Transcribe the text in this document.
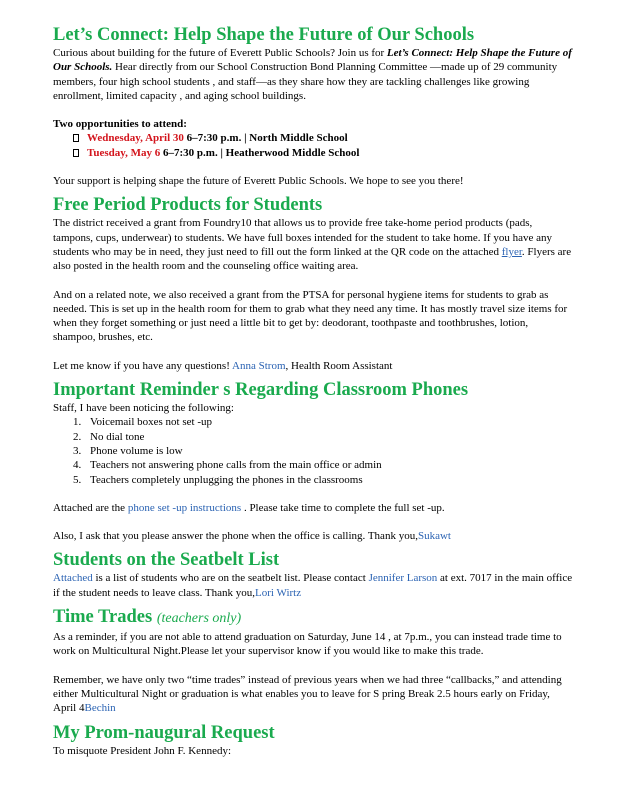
Let’s Connect: Help Shape the Future of Our Schools

Curious about building for the future of Everett Public Schools? Join us for Let’s Connect: Help Shape the Future of Our Schools. Hear directly from our School Construction Bond Planning Committee —made up of 29 community members, four high school students , and staff—as they share how they are tackling challenges like growing enrollment, limited capacity , and aging school buildings.

Two opportunities to attend:

Wednesday, April 30 6–7:30 p.m. | North Middle School
Tuesday, May 6 6–7:30 p.m. | Heatherwood Middle School

Your support is helping shape the future of Everett Public Schools. We hope to see you there!

Free Period Products for Students

The district received a grant from Foundry10 that allows us to provide free take-home period products (pads, tampons, cups, underwear) to students. We have full boxes intended for the student to take home. If you have any students who may be in need, they just need to fill out the form linked at the QR code on the attached flyer. Flyers are also posted in the health room and the counseling office waiting area.

And on a related note, we also received a grant from the PTSA for personal hygiene items for students to grab as needed. This is set up in the health room for them to grab what they need any time. It has mostly travel size items for when they forget something or just need a little bit to get by: deodorant, toothpaste and toothbrushes, lotion, shampoo, brushes, etc.

Let me know if you have any questions! Anna Strom, Health Room Assistant

Important Reminder s Regarding Classroom Phones

Staff, I have been noticing the following:

1. Voicemail boxes not set -up
2. No dial tone
3. Phone volume is low
4. Teachers not answering phone calls from the main office or admin
5. Teachers completely unplugging the phones in the classrooms

Attached are the phone set -up instructions . Please take time to complete the full set -up.

Also, I ask that you please answer the phone when the office is calling. Thank you,Sukawt

Students on the Seatbelt List

Attached is a list of students who are on the seatbelt list. Please contact Jennifer Larson at ext. 7017 in the main office if the student needs to leave class. Thank you,Lori Wirtz

Time Trades (teachers only)

As a reminder, if you are not able to attend graduation on Saturday, June 14 , at 7p.m., you can instead trade time to work on Multicultural Night.Please let your supervisor know if you would like to make this trade.

Remember, we have only two “time trades” instead of previous years when we had three “callbacks,” and attending either Multicultural Night or graduation is what enables you to leave for S pring Break 2.5 hours early on Friday, April 4Bechin

My Prom-naugural Request

To misquote President John F. Kennedy:
